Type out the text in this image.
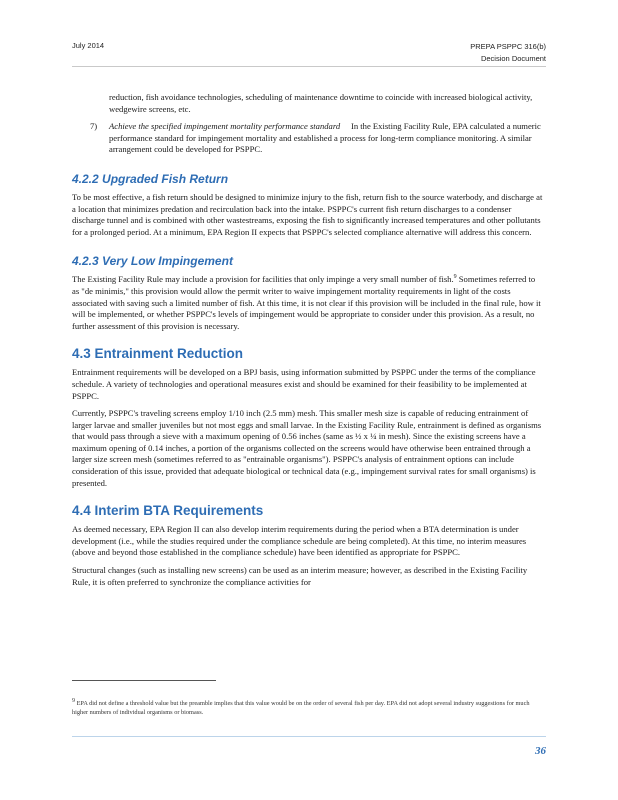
July 2014	PREPA PSPPC 316(b)
Decision Document

reduction, fish avoidance technologies, scheduling of maintenance downtime to coincide with increased biological activity, wedgewire screens, etc.

7) Achieve the specified impingement mortality performance standard In the Existing Facility Rule, EPA calculated a numeric performance standard for impingement mortality and established a process for long-term compliance monitoring. A similar arrangement could be developed for PSPPC.
4.2.2 Upgraded Fish Return

To be most effective, a fish return should be designed to minimize injury to the fish, return fish to the source waterbody, and discharge at a location that minimizes predation and recirculation back into the intake. PSPPC's current fish return discharges to a condenser discharge tunnel and is combined with other wastestreams, exposing the fish to significantly increased temperatures and other pollutants for a prolonged period. At a minimum, EPA Region II expects that PSPPC's selected compliance alternative will address this concern.

4.2.3 Very Low Impingement

The Existing Facility Rule may include a provision for facilities that only impinge a very small number of fish.$^9$ Sometimes referred to as "de minimis," this provision would allow the permit writer to waive impingement mortality requirements in light of the costs associated with saving such a limited number of fish. At this time, it is not clear if this provision will be included in the final rule, how it will be implemented, or whether PSPPC's levels of impingement would be appropriate to consider under this provision. As a result, no further assessment of this provision is necessary.

4.3 Entrainment Reduction

Entrainment requirements will be developed on a BPJ basis, using information submitted by PSPPC under the terms of the compliance schedule. A variety of technologies and operational measures exist and should be examined for their feasibility to be implemented at PSPPC.

Currently, PSPPC's traveling screens employ 1/10 inch (2.5 mm) mesh. This smaller mesh size is capable of reducing entrainment of larger larvae and smaller juveniles but not most eggs and small larvae. In the Existing Facility Rule, entrainment is defined as organisms that would pass through a sieve with a maximum opening of 0.56 inches (same as ½ x ¼ in mesh). Since the existing screens have a maximum opening of 0.14 inches, a portion of the organisms collected on the screens would have otherwise been entrained through a larger size screen mesh (sometimes referred to as "entrainable organisms"). PSPPC's analysis of entrainment options can include consideration of this issue, provided that adequate biological or technical data (e.g., impingement survival rates for small organisms) is presented.

4.4 Interim BTA Requirements

As deemed necessary, EPA Region II can also develop interim requirements during the period when a BTA determination is under development (i.e., while the studies required under the compliance schedule are being completed). At this time, no interim measures (above and beyond those established in the compliance schedule) have been identified as appropriate for PSPPC.

Structural changes (such as installing new screens) can be used as an interim measure; however, as described in the Existing Facility Rule, it is often preferred to synchronize the compliance activities for

$^9$ EPA did not define a threshold value but the preamble implies that this value would be on the order of several fish per day. EPA did not adopt several industry suggestions for much higher numbers of individual organisms or biomass.
36
